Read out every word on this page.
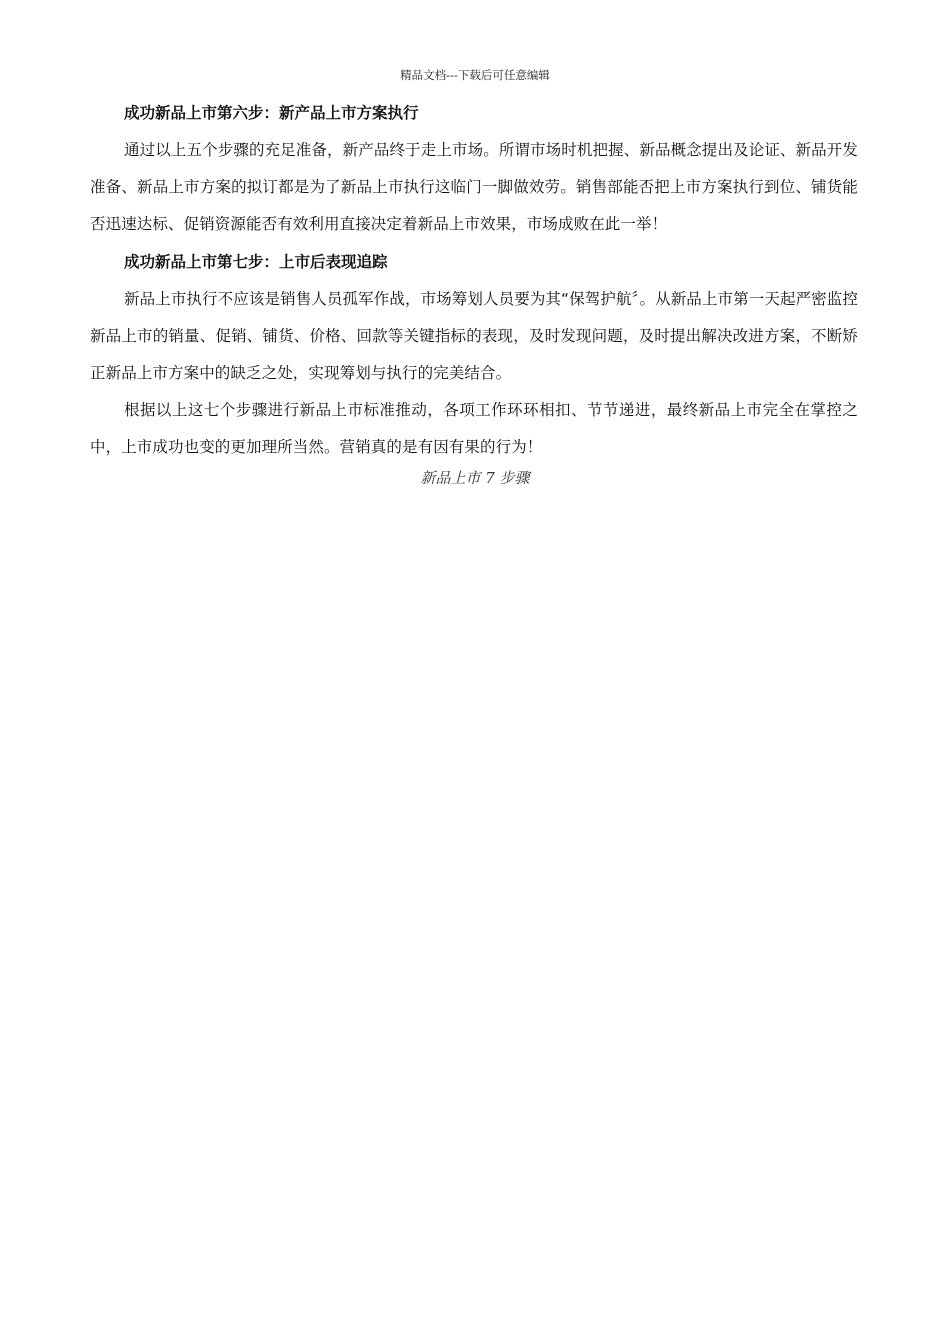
精品文档---下载后可任意编辑
成功新品上市第六步：新产品上市方案执行

通过以上五个步骤的充足准备，新产品终于走上市场。所谓市场时机把握、新品概念提出及论证、新品开发准备、新品上市方案的拟订都是为了新品上市执行这临门一脚做效劳。销售部能否把上市方案执行到位、铺货能否迅速达标、促销资源能否有效利用直接决定着新品上市效果，市场成败在此一举！

成功新品上市第七步：上市后表现追踪

新品上市执行不应该是销售人员孤军作战，市场筹划人员要为其“保驾护航〞。从新品上市第一天起严密监控新品上市的销量、促销、铺货、价格、回款等关键指标的表现，及时发现问题，及时提出解决改进方案，不断矫正新品上市方案中的缺乏之处，实现筹划与执行的完美结合。

根据以上这七个步骤进行新品上市标准推动，各项工作环环相扣、节节递进，最终新品上市完全在掌控之中，上市成功也变的更加理所当然。营销真的是有因有果的行为！

新品上市 7 步骤
